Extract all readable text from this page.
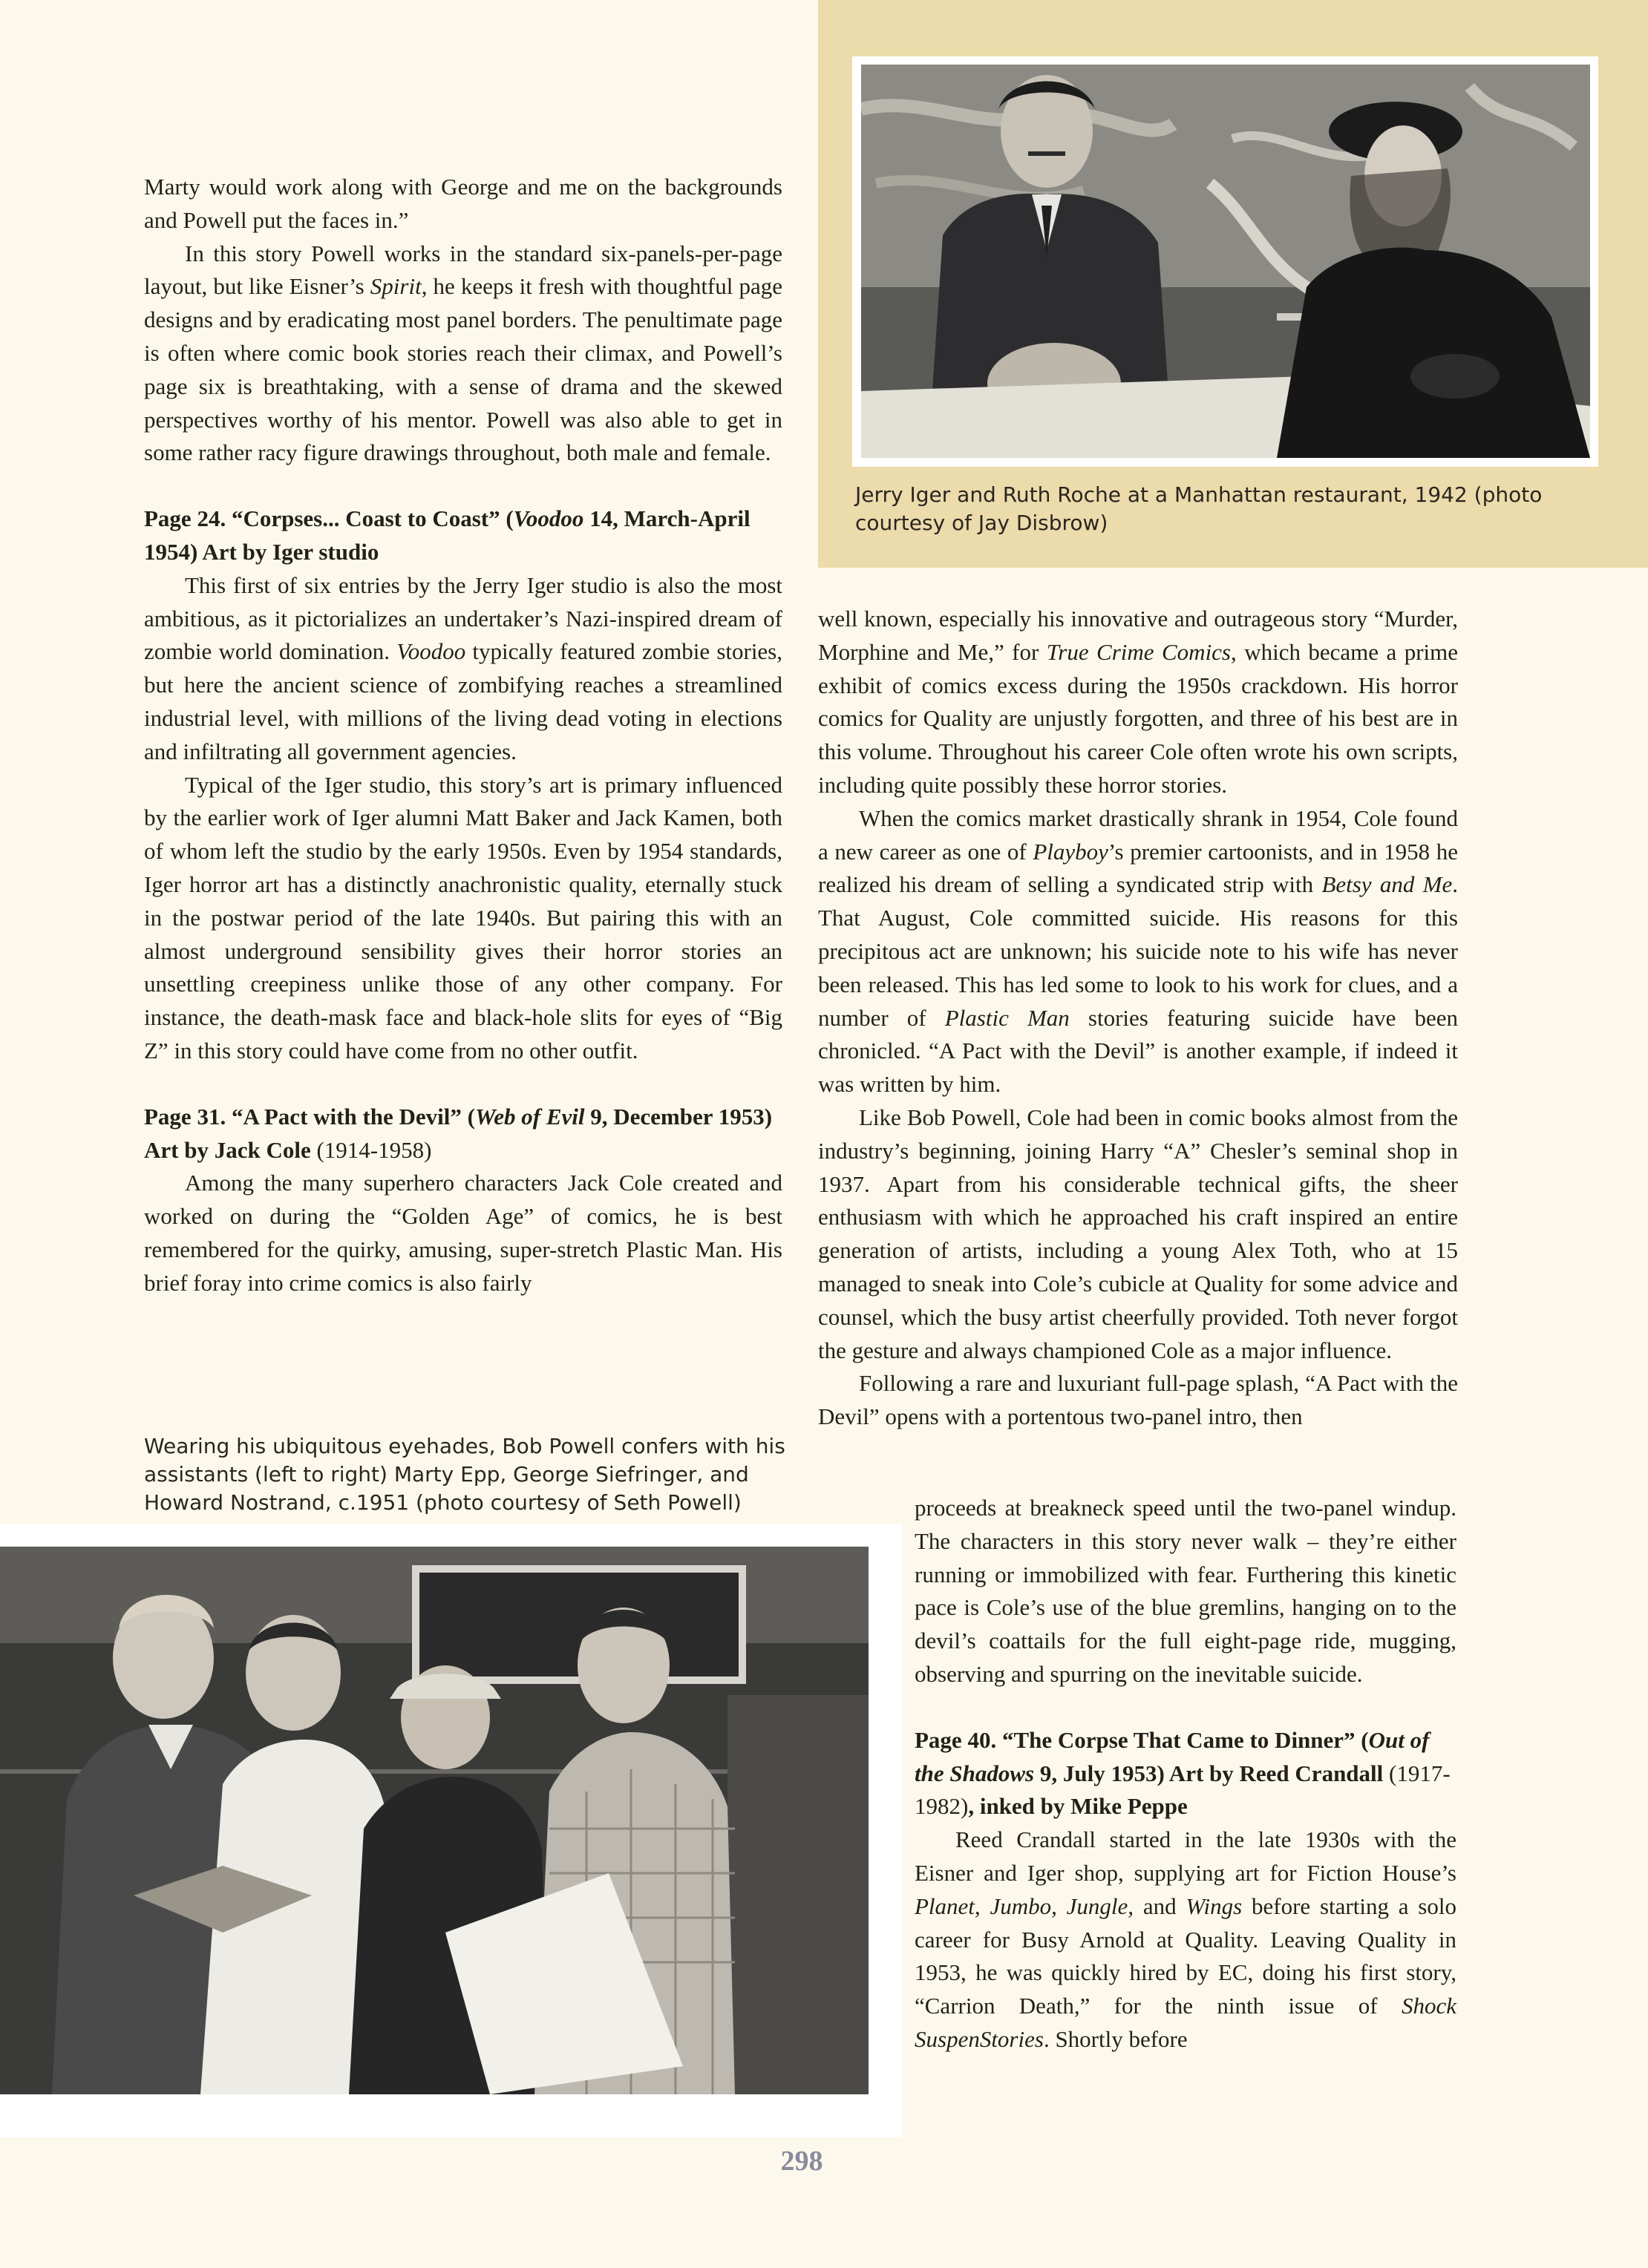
Jerry Iger and Ruth Roche at a Manhattan restaurant, 1942 (photo courtesy of Jay Disbrow)

Marty would work along with George and me on the backgrounds and Powell put the faces in.”

In this story Powell works in the standard six-panels-per-page layout, but like Eisner’s Spirit, he keeps it fresh with thoughtful page designs and by eradicating most panel borders. The penultimate page is often where comic book stories reach their climax, and Powell’s page six is breathtaking, with a sense of drama and the skewed perspectives worthy of his mentor. Powell was also able to get in some rather racy figure drawings throughout, both male and female.

Page 24. “Corpses... Coast to Coast” (Voodoo 14, March-April 1954) Art by Iger studio

This first of six entries by the Jerry Iger studio is also the most ambitious, as it pictorializes an undertaker’s Nazi-inspired dream of zombie world domination. Voodoo typically featured zombie stories, but here the ancient science of zombifying reaches a streamlined industrial level, with millions of the living dead voting in elections and infiltrating all government agencies.

Typical of the Iger studio, this story’s art is primary influenced by the earlier work of Iger alumni Matt Baker and Jack Kamen, both of whom left the studio by the early 1950s. Even by 1954 standards, Iger horror art has a distinctly anachronistic quality, eternally stuck in the postwar period of the late 1940s. But pairing this with an almost underground sensibility gives their horror stories an unsettling creepiness unlike those of any other company. For instance, the death-mask face and black-hole slits for eyes of “Big Z” in this story could have come from no other outfit.

Page 31. “A Pact with the Devil” (Web of Evil 9, December 1953) Art by Jack Cole (1914-1958)

Among the many superhero characters Jack Cole created and worked on during the “Golden Age” of comics, he is best remembered for the quirky, amusing, super-stretch Plastic Man. His brief foray into crime comics is also fairly

well known, especially his innovative and outrageous story “Murder, Morphine and Me,” for True Crime Comics, which became a prime exhibit of comics excess during the 1950s crackdown. His horror comics for Quality are unjustly forgotten, and three of his best are in this volume. Throughout his career Cole often wrote his own scripts, including quite possibly these horror stories.

When the comics market drastically shrank in 1954, Cole found a new career as one of Playboy’s premier cartoonists, and in 1958 he realized his dream of selling a syndicated strip with Betsy and Me. That August, Cole committed suicide. His reasons for this precipitous act are unknown; his suicide note to his wife has never been released. This has led some to look to his work for clues, and a number of Plastic Man stories featuring suicide have been chronicled. “A Pact with the Devil” is another example, if indeed it was written by him.

Like Bob Powell, Cole had been in comic books almost from the industry’s beginning, joining Harry “A” Chesler’s seminal shop in 1937. Apart from his considerable technical gifts, the sheer enthusiasm with which he approached his craft inspired an entire generation of artists, including a young Alex Toth, who at 15 managed to sneak into Cole’s cubicle at Quality for some advice and counsel, which the busy artist cheerfully provided. Toth never forgot the gesture and always championed Cole as a major influence.

Following a rare and luxuriant full-page splash, “A Pact with the Devil” opens with a portentous two-panel intro, then

proceeds at breakneck speed until the two-panel windup. The characters in this story never walk – they’re either running or immobilized with fear. Furthering this kinetic pace is Cole’s use of the blue gremlins, hanging on to the devil’s coattails for the full eight-page ride, mugging, observing and spurring on the inevitable suicide.

Page 40. “The Corpse That Came to Dinner” (Out of the Shadows 9, July 1953) Art by Reed Crandall (1917-1982), inked by Mike Peppe

Reed Crandall started in the late 1930s with the Eisner and Iger shop, supplying art for Fiction House’s Planet, Jumbo, Jungle, and Wings before starting a solo career for Busy Arnold at Quality. Leaving Quality in 1953, he was quickly hired by EC, doing his first story, “Carrion Death,” for the ninth issue of Shock SuspenStories. Shortly before

Wearing his ubiquitous eyehades, Bob Powell confers with his assistants (left to right) Marty Epp, George Siefringer, and Howard Nostrand, c.1951 (photo courtesy of Seth Powell)
298
